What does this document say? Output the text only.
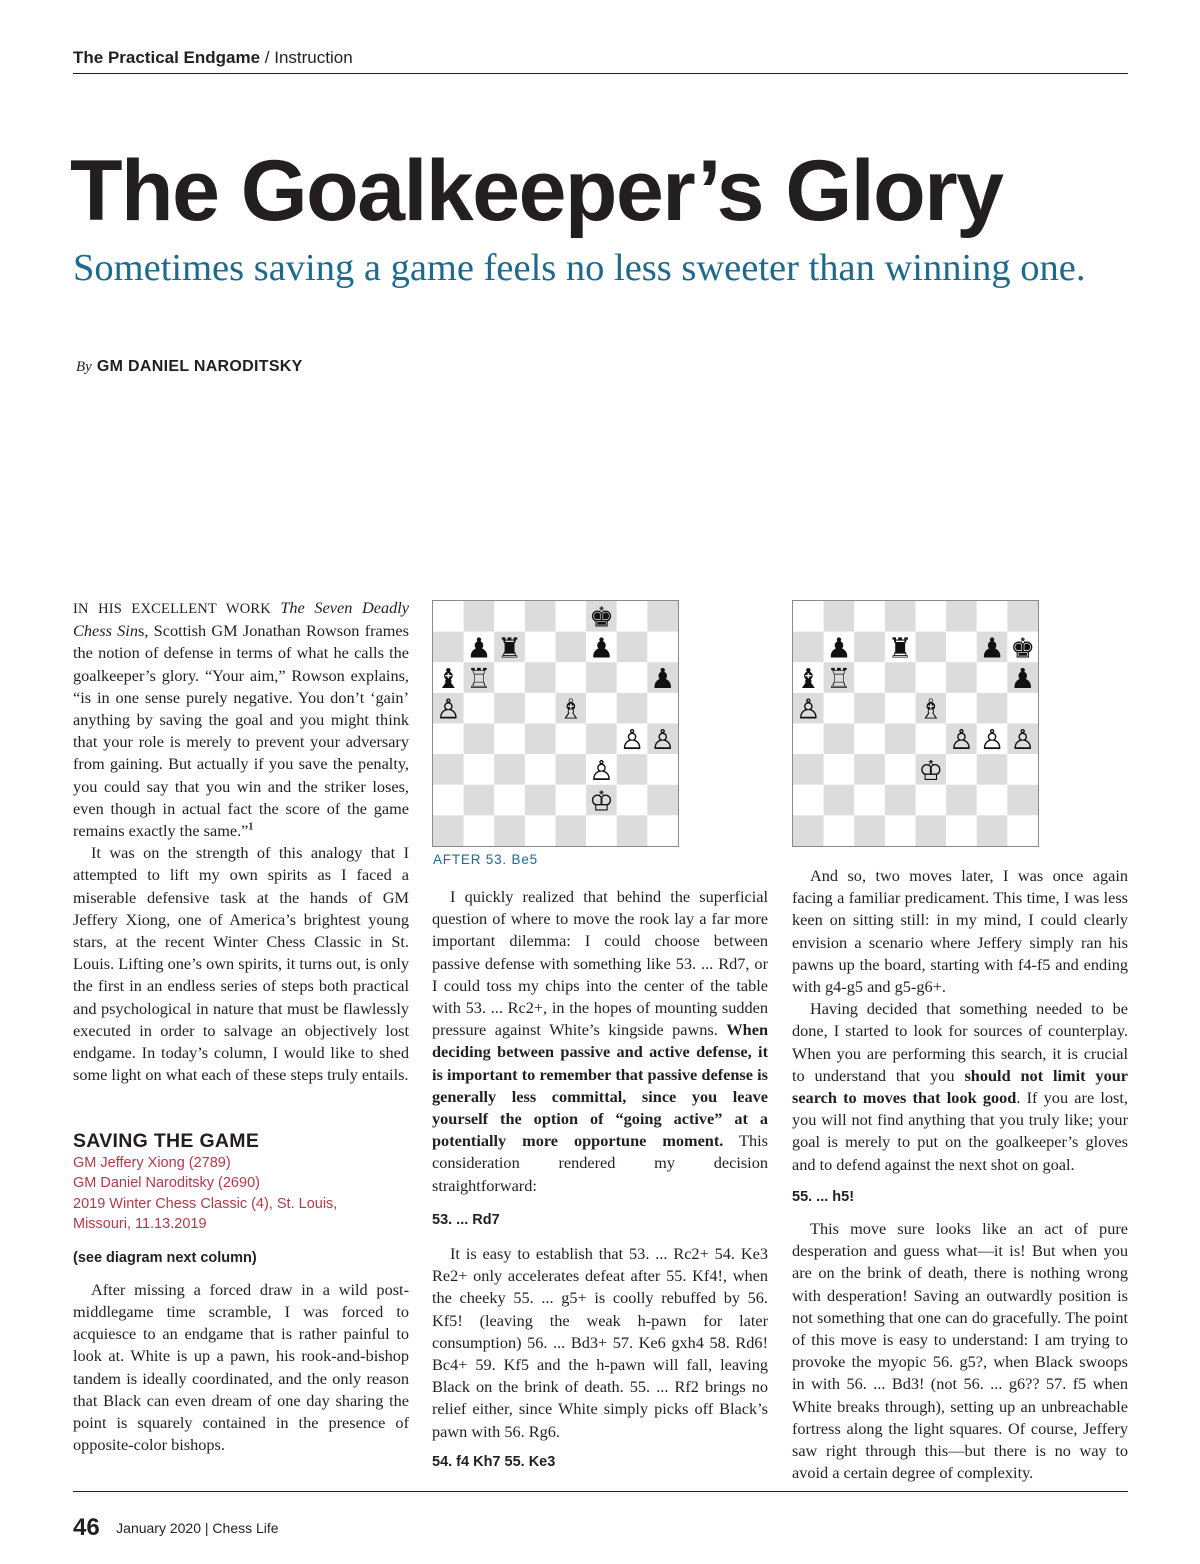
The Practical Endgame / Instruction
The Goalkeeper’s Glory
Sometimes saving a game feels no less sweeter than winning one.
By GM DANIEL NARODITSKY

IN HIS EXCELLENT WORK The Seven Deadly Chess Sins, Scottish GM Jonathan Rowson frames the notion of defense in terms of what he calls the goalkeeper’s glory. “Your aim,” Rowson explains, “is in one sense purely negative. You don’t ‘gain’ anything by saving the goal and you might think that your role is merely to prevent your adversary from gaining. But actually if you save the penalty, you could say that you win and the striker loses, even though in actual fact the score of the game remains exactly the same.”$^1$

It was on the strength of this analogy that I attempted to lift my own spirits as I faced a miserable defensive task at the hands of GM Jeffery Xiong, one of America’s brightest young stars, at the recent Winter Chess Classic in St. Louis. Lifting one’s own spirits, it turns out, is only the first in an endless series of steps both practical and psychological in nature that must be flawlessly executed in order to salvage an objectively lost endgame. In today’s column, I would like to shed some light on what each of these steps truly entails.

SAVING THE GAME

GM Jeffery Xiong (2789)

GM Daniel Naroditsky (2690)

2019 Winter Chess Classic (4), St. Louis,

Missouri, 11.13.2019

(see diagram next column)

After missing a forced draw in a wild post-middlegame time scramble, I was forced to acquiesce to an endgame that is rather painful to look at. White is up a pawn, his rook-and-bishop tandem is ideally coordinated, and the only reason that Black can even dream of one day sharing the point is squarely contained in the presence of opposite-color bishops.

AFTER 53. Be5

I quickly realized that behind the superficial question of where to move the rook lay a far more important dilemma: I could choose between passive defense with something like 53. ... Rd7, or I could toss my chips into the center of the table with 53. ... Rc2+, in the hopes of mounting sudden pressure against White’s kingside pawns. When deciding between passive and active defense, it is important to remember that passive defense is generally less committal, since you leave yourself the option of “going active” at a potentially more opportune moment. This consideration rendered my decision straightforward:

53. ... Rd7

It is easy to establish that 53. ... Rc2+ 54. Ke3 Re2+ only accelerates defeat after 55. Kf4!, when the cheeky 55. ... g5+ is coolly rebuffed by 56. Kf5! (leaving the weak h-pawn for later consumption) 56. ... Bd3+ 57. Ke6 gxh4 58. Rd6! Bc4+ 59. Kf5 and the h-pawn will fall, leaving Black on the brink of death. 55. ... Rf2 brings no relief either, since White simply picks off Black’s pawn with 56. Rg6.

54. f4 Kh7 55. Ke3

And so, two moves later, I was once again facing a familiar predicament. This time, I was less keen on sitting still: in my mind, I could clearly envision a scenario where Jeffery simply ran his pawns up the board, starting with f4-f5 and ending with g4-g5 and g5-g6+.

Having decided that something needed to be done, I started to look for sources of counterplay. When you are performing this search, it is crucial to understand that you should not limit your search to moves that look good. If you are lost, you will not find anything that you truly like; your goal is merely to put on the goalkeeper’s gloves and to defend against the next shot on goal.

55. ... h5!

This move sure looks like an act of pure desperation and guess what—it is! But when you are on the brink of death, there is nothing wrong with desperation! Saving an outwardly position is not something that one can do gracefully. The point of this move is easy to understand: I am trying to provoke the myopic 56. g5?, when Black swoops in with 56. ... Bd3! (not 56. ... g6?? 57. f5 when White breaks through), setting up an unbreachable fortress along the light squares. Of course, Jeffery saw right through this—but there is no way to avoid a certain degree of complexity.

46 January 2020 | Chess Life
